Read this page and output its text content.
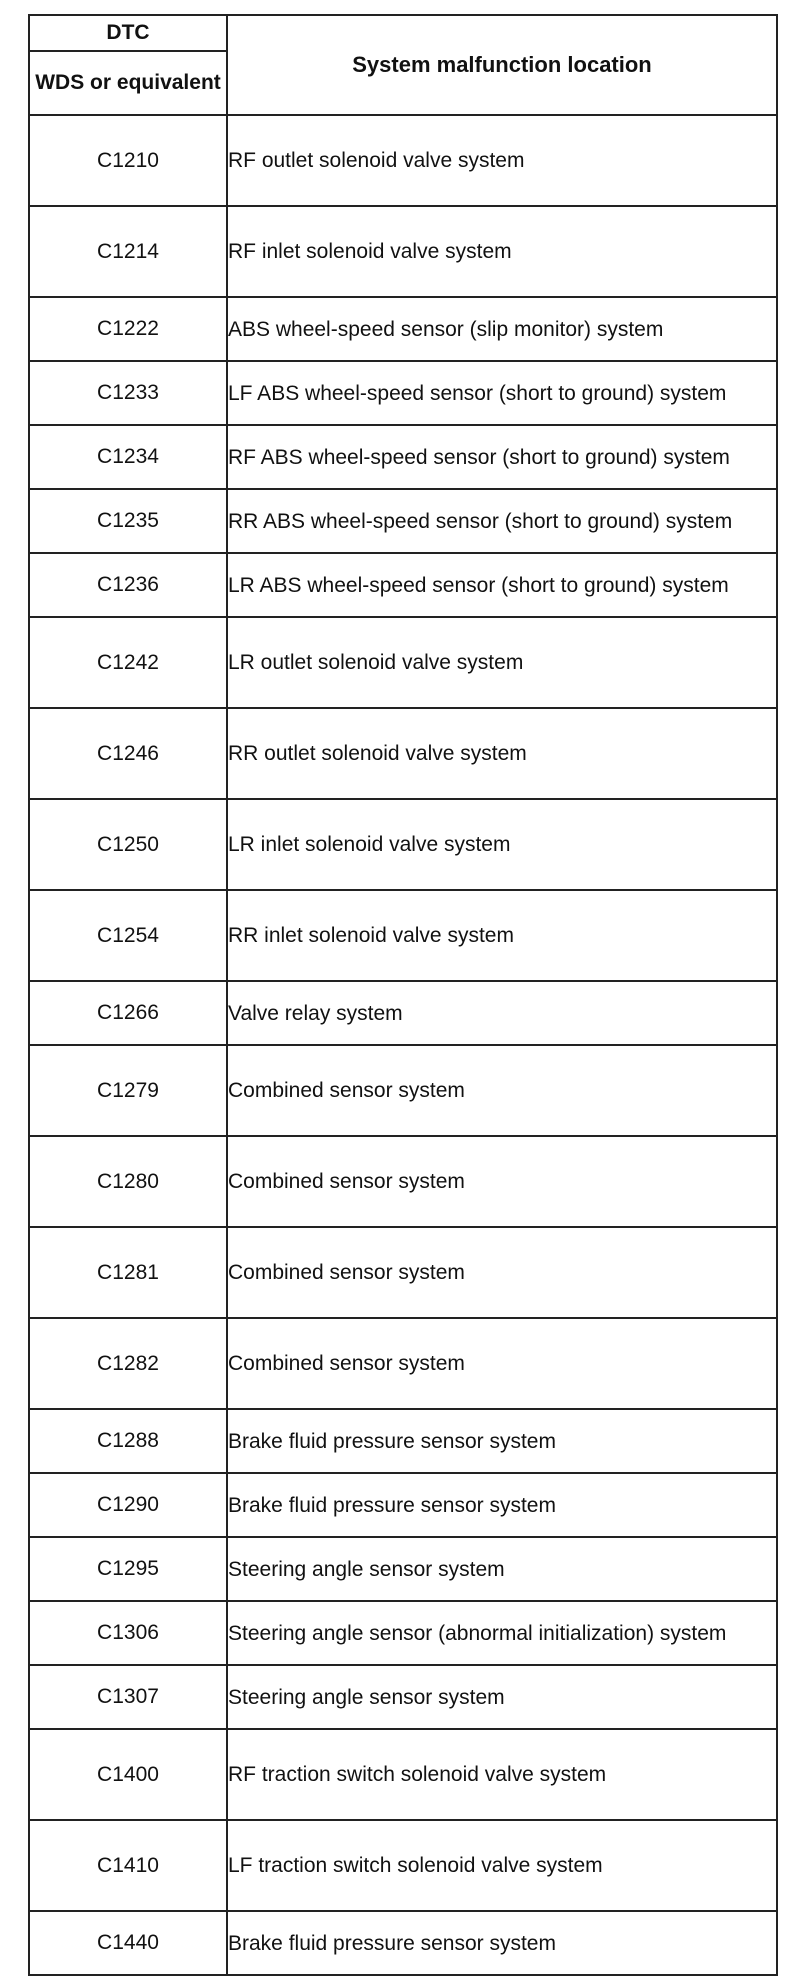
DTC	System malfunction location
WDS or equivalent	
C1210	RF outlet solenoid valve system
C1214	RF inlet solenoid valve system
C1222	ABS wheel-speed sensor (slip monitor) system
C1233	LF ABS wheel-speed sensor (short to ground) system
C1234	RF ABS wheel-speed sensor (short to ground) system
C1235	RR ABS wheel-speed sensor (short to ground) system
C1236	LR ABS wheel-speed sensor (short to ground) system
C1242	LR outlet solenoid valve system
C1246	RR outlet solenoid valve system
C1250	LR inlet solenoid valve system
C1254	RR inlet solenoid valve system
C1266	Valve relay system
C1279	Combined sensor system
C1280	Combined sensor system
C1281	Combined sensor system
C1282	Combined sensor system
C1288	Brake fluid pressure sensor system
C1290	Brake fluid pressure sensor system
C1295	Steering angle sensor system
C1306	Steering angle sensor (abnormal initialization) system
C1307	Steering angle sensor system
C1400	RF traction switch solenoid valve system
C1410	LF traction switch solenoid valve system
C1440	Brake fluid pressure sensor system
